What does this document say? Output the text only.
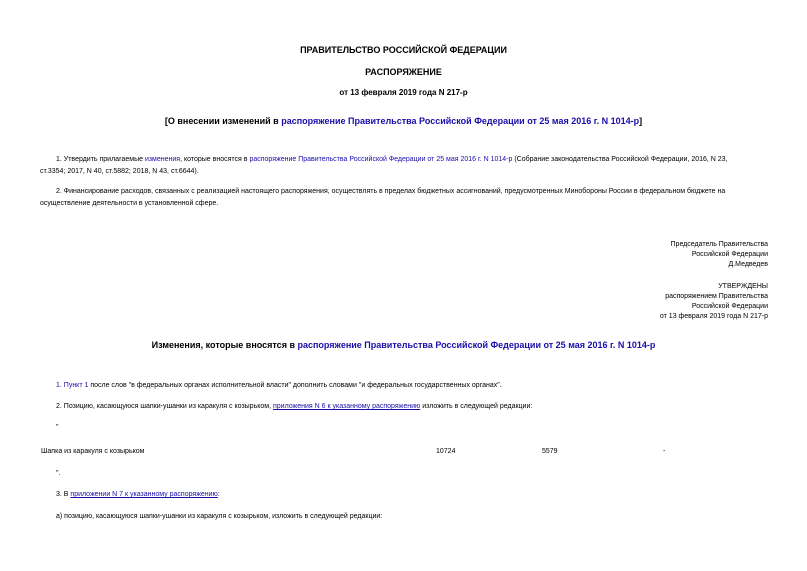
ПРАВИТЕЛЬСТВО РОССИЙСКОЙ ФЕДЕРАЦИИ
РАСПОРЯЖЕНИЕ
от 13 февраля 2019 года N 217-р
[О внесении изменений в распоряжение Правительства Российской Федерации от 25 мая 2016 г. N 1014-р]
1. Утвердить прилагаемые изменения, которые вносятся в распоряжение Правительства Российской Федерации от 25 мая 2016 г. N 1014-р (Собрание законодательства Российской Федерации, 2016, N 23,
ст.3354; 2017, N 40, ст.5882; 2018, N 43, ст.6644).
2. Финансирование расходов, связанных с реализацией настоящего распоряжения, осуществлять в пределах бюджетных ассигнований, предусмотренных Минобороны России в федеральном бюджете на
осуществление деятельности в установленной сфере.
Председатель Правительства
Российской Федерации
Д.Медведев
УТВЕРЖДЕНЫ
распоряжением Правительства
Российской Федерации
от 13 февраля 2019 года N 217-р
Изменения, которые вносятся в распоряжение Правительства Российской Федерации от 25 мая 2016 г. N 1014-р
1. Пункт 1 после слов "в федеральных органах исполнительной власти" дополнить словами "и федеральных государственных органах".
2. Позицию, касающуюся шапки-ушанки из каракуля с козырьком, приложения N 6 к указанному распоряжению изложить в следующей редакции:
"
Шапка из каракуля с козырьком	10724	5579	-
".
3. В приложении N 7 к указанному распоряжению:
а) позицию, касающуюся шапки-ушанки из каракуля с козырьком, изложить в следующей редакции:
